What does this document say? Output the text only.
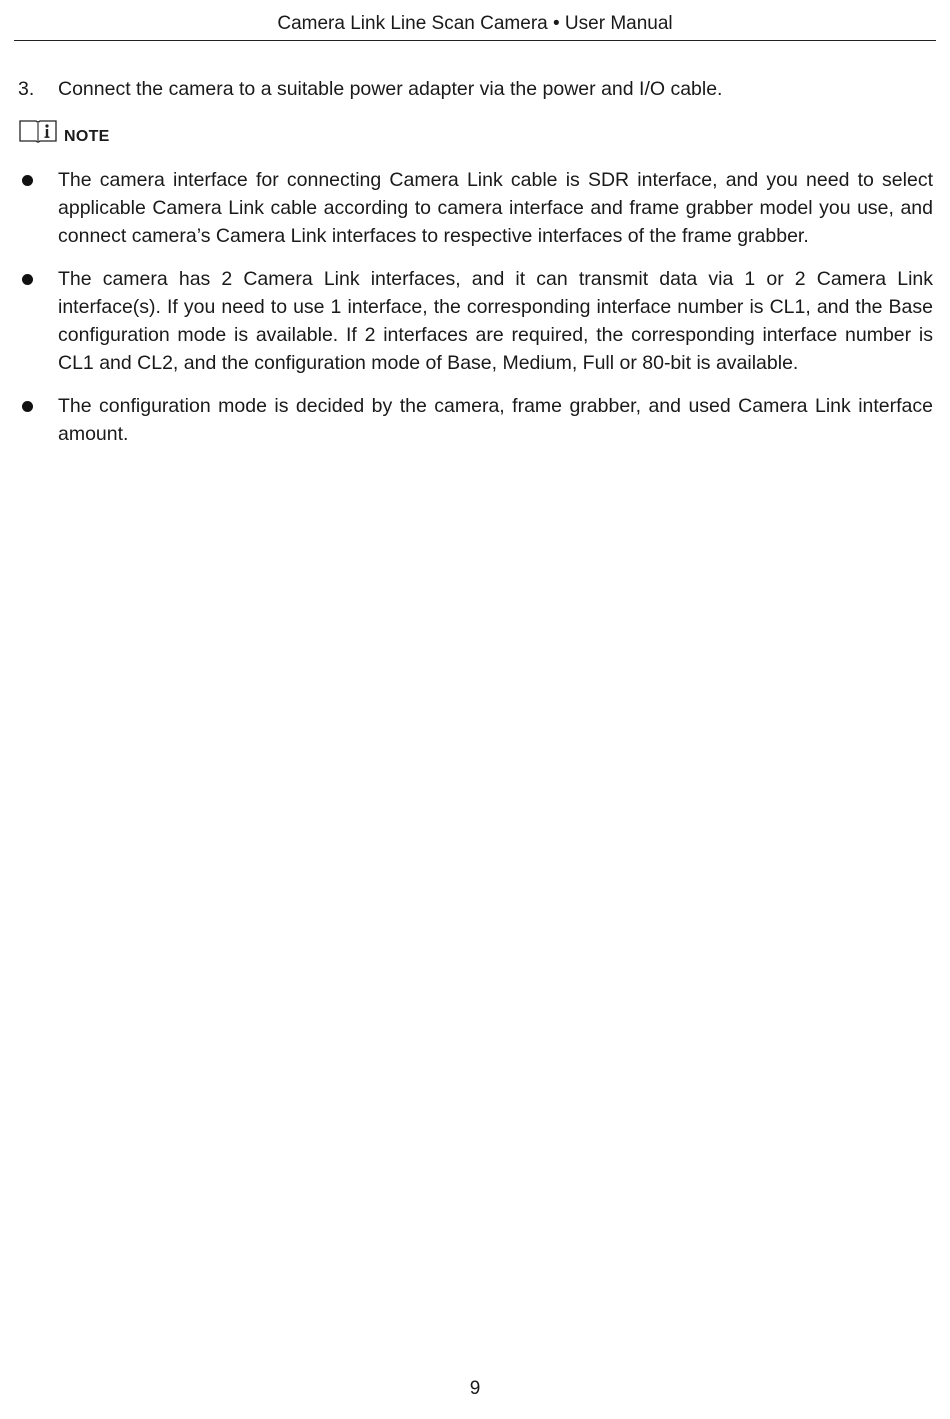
Camera Link Line Scan Camera • User Manual
3. Connect the camera to a suitable power adapter via the power and I/O cable.
NOTE
The camera interface for connecting Camera Link cable is SDR interface, and you need to select applicable Camera Link cable according to camera interface and frame grabber model you use, and connect camera’s Camera Link interfaces to respective interfaces of the frame grabber.
The camera has 2 Camera Link interfaces, and it can transmit data via 1 or 2 Camera Link interface(s). If you need to use 1 interface, the corresponding interface number is CL1, and the Base configuration mode is available. If 2 interfaces are required, the corresponding interface number is CL1 and CL2, and the configuration mode of Base, Medium, Full or 80-bit is available.
The configuration mode is decided by the camera, frame grabber, and used Camera Link interface amount.
9
